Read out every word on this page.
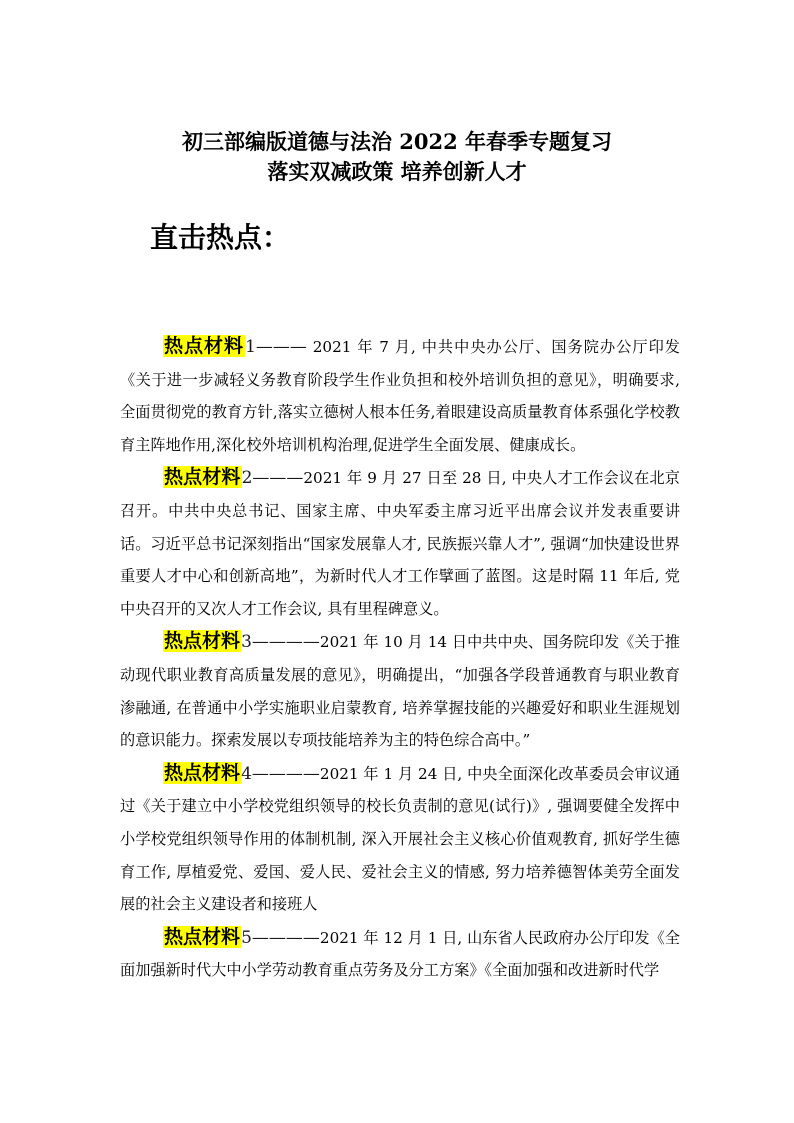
初三部编版道德与法治 2022 年春季专题复习
落实双减政策 培养创新人才
直击热点：

热点材料1——— 2021 年 7 月, 中共中央办公厅、国务院办公厅印发《关于进一步减轻义务教育阶段学生作业负担和校外培训负担的意见》，明确要求, 全面贯彻党的教育方针,落实立德树人根本任务,着眼建设高质量教育体系强化学校教育主阵地作用,深化校外培训机构治理,促进学生全面发展、健康成长。

热点材料2———2021 年 9 月 27 日至 28 日, 中央人才工作会议在北京召开。中共中央总书记、国家主席、中央军委主席习近平出席会议并发表重要讲话。习近平总书记深刻指出“国家发展靠人才, 民族振兴靠人才”, 强调“加快建设世界重要人才中心和创新高地”，为新时代人才工作擘画了蓝图。这是时隔 11 年后, 党中央召开的又次人才工作会议, 具有里程碑意义。

热点材料3————2021 年 10 月 14 日中共中央、国务院印发《关于推动现代职业教育高质量发展的意见》，明确提出，“加强各学段普通教育与职业教育渗融通, 在普通中小学实施职业启蒙教育, 培养掌握技能的兴趣爱好和职业生涯规划的意识能力。探索发展以专项技能培养为主的特色综合高中。”

热点材料4————2021 年 1 月 24 日, 中央全面深化改革委员会审议通过《关于建立中小学校党组织领导的校长负责制的意见(试行)》, 强调要健全发挥中小学校党组织领导作用的体制机制, 深入开展社会主义核心价值观教育, 抓好学生德育工作, 厚植爱党、爱国、爱人民、爱社会主义的情感, 努力培养德智体美劳全面发展的社会主义建设者和接班人

热点材料5————2021 年 12 月 1 日, 山东省人民政府办公厅印发《全面加强新时代大中小学劳动教育重点劳务及分工方案》《全面加强和改进新时代学
